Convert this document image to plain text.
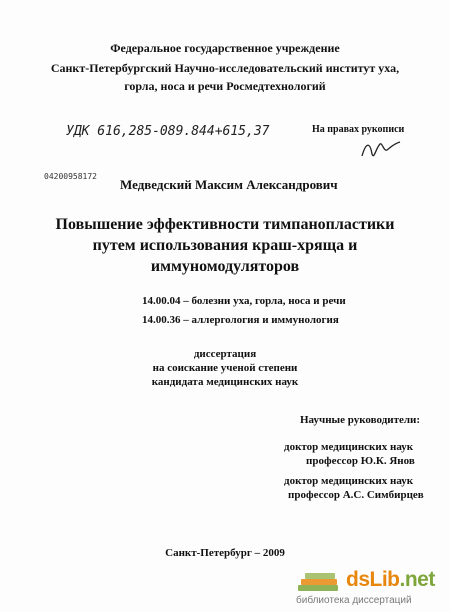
Федеральное государственное учреждение
Санкт-Петербургский Научно-исследовательский институт уха,
горла, носа и речи Росмедтехнологий
УДК 616,285-089.844+615,37	На правах рукописи
04200958172
Медведский Максим Александрович
Повышение эффективности тимпанопластики
путем использования краш-хряща и
иммуномодуляторов
14.00.04 – болезни уха, горла, носа и речи
14.00.36 – аллергология и иммунология
диссертация
на соискание ученой степени
кандидата медицинских наук
Научные руководители:
доктор медицинских наук
профессор Ю.К. Янов
доктор медицинских наук
профессор А.С. Симбирцев
Санкт-Петербург – 2009
dsLib.net
библиотека диссертаций
